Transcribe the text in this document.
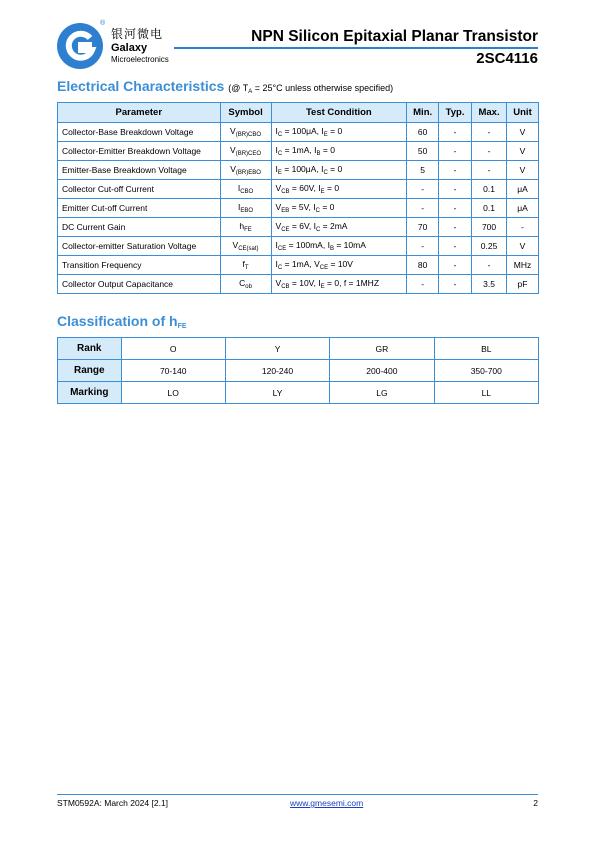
®
银河微电
Galaxy
Microelectronics
NPN Silicon Epitaxial Planar Transistor
2SC4116
Electrical Characteristics (@ $T_A = 25^\circ C$ unless otherwise specified)
Parameter	Symbol	Test Condition	Min.	Typ.	Max.	Unit
Collector-Base Breakdown Voltage	$V_{(BR)CBO}$	$I_C = 100\mu A$, $I_E = 0$	60	-	-	V
Collector-Emitter Breakdown Voltage	$V_{(BR)CEO}$	$I_C = 1mA$, $I_B = 0$	50	-	-	V
Emitter-Base Breakdown Voltage	$V_{(BR)EBO}$	$I_E = 100\mu A$, $I_C = 0$	5	-	-	V
Collector Cut-off Current	$I_{CBO}$	$V_{CB} = 60V$, $I_E = 0$	-	-	0.1	μA
Emitter Cut-off Current	$I_{EBO}$	$V_{EB} = 5V$, $I_C = 0$	-	-	0.1	μA
DC Current Gain	$h_{FE}$	$V_{CE} = 6V$, $I_C = 2mA$	70	-	700	-
Collector-emitter Saturation Voltage	$V_{CE(sat)}$	$I_{CE} = 100mA$, $I_B = 10mA$	-	-	0.25	V
Transition Frequency	$f_T$	$I_C = 1mA$, $V_{CE} = 10V$	80	-	-	MHz
Collector Output Capacitance	$C_{ob}$	$V_{CB} = 10V$, $I_E = 0$, f = 1MHZ	-	-	3.5	pF
Classification of $h_{FE}$
Rank	O	Y	GR	BL
Range	70-140	120-240	200-400	350-700
Marking	LO	LY	LG	LL
STM0592A: March 2024 [2.1]	www.gmesemi.com	2
